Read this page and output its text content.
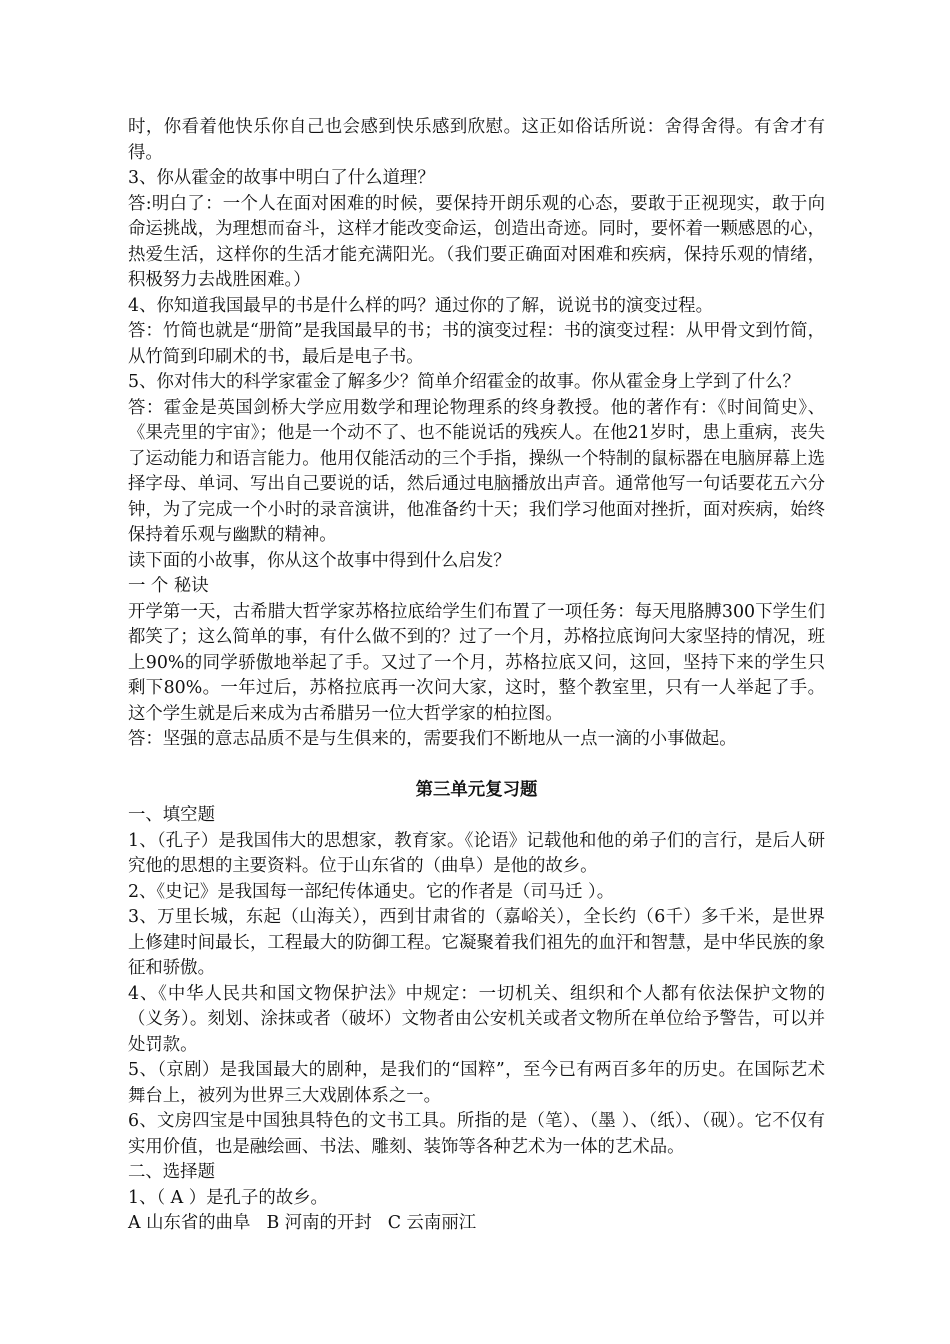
时，你看着他快乐你自己也会感到快乐感到欣慰。这正如俗话所说：舍得舍得。有舍才有得。

3、你从霍金的故事中明白了什么道理？

答:明白了：一个人在面对困难的时候，要保持开朗乐观的心态，要敢于正视现实，敢于向命运挑战，为理想而奋斗，这样才能改变命运，创造出奇迹。同时，要怀着一颗感恩的心，热爱生活，这样你的生活才能充满阳光。（我们要正确面对困难和疾病，保持乐观的情绪，积极努力去战胜困难。）

4、你知道我国最早的书是什么样的吗？通过你的了解，说说书的演变过程。

答：竹简也就是“册简”是我国最早的书；书的演变过程：书的演变过程：从甲骨文到竹简，从竹简到印刷术的书，最后是电子书。

5、你对伟大的科学家霍金了解多少？简单介绍霍金的故事。你从霍金身上学到了什么？

答：霍金是英国剑桥大学应用数学和理论物理系的终身教授。他的著作有：《时间简史》、《果壳里的宇宙》；他是一个动不了、也不能说话的残疾人。在他21岁时，患上重病，丧失了运动能力和语言能力。他用仅能活动的三个手指，操纵一个特制的鼠标器在电脑屏幕上选择字母、单词、写出自己要说的话，然后通过电脑播放出声音。通常他写一句话要花五六分钟，为了完成一个小时的录音演讲，他准备约十天；我们学习他面对挫折，面对疾病，始终保持着乐观与幽默的精神。

读下面的小故事，你从这个故事中得到什么启发？

一 个 秘诀

开学第一天，古希腊大哲学家苏格拉底给学生们布置了一项任务：每天甩胳膊300下学生们都笑了；这么简单的事，有什么做不到的？过了一个月，苏格拉底询问大家坚持的情况，班上90%的同学骄傲地举起了手。又过了一个月，苏格拉底又问，这回，坚持下来的学生只剩下80%。一年过后，苏格拉底再一次问大家，这时，整个教室里，只有一人举起了手。这个学生就是后来成为古希腊另一位大哲学家的柏拉图。

答：坚强的意志品质不是与生俱来的，需要我们不断地从一点一滴的小事做起。

第三单元复习题

一、填空题

1、（孔子）是我国伟大的思想家，教育家。《论语》记载他和他的弟子们的言行，是后人研究他的思想的主要资料。位于山东省的（曲阜）是他的故乡。

2、《史记》是我国每一部纪传体通史。它的作者是（司马迁 ）。

3、万里长城，东起（山海关），西到甘肃省的（嘉峪关），全长约（6千）多千米，是世界上修建时间最长，工程最大的防御工程。它凝聚着我们祖先的血汗和智慧，是中华民族的象征和骄傲。

4、《中华人民共和国文物保护法》中规定：一切机关、组织和个人都有依法保护文物的（义务）。刻划、涂抹或者（破坏）文物者由公安机关或者文物所在单位给予警告，可以并处罚款。

5、（京剧）是我国最大的剧种，是我们的“国粹”，至今已有两百多年的历史。在国际艺术舞台上，被列为世界三大戏剧体系之一。

6、文房四宝是中国独具特色的文书工具。所指的是（笔）、（墨 ）、（纸）、（砚）。它不仅有实用价值，也是融绘画、书法、雕刻、装饰等各种艺术为一体的艺术品。

二、选择题

1、（ A ）是孔子的故乡。

A 山东省的曲阜 B 河南的开封 C 云南丽江
